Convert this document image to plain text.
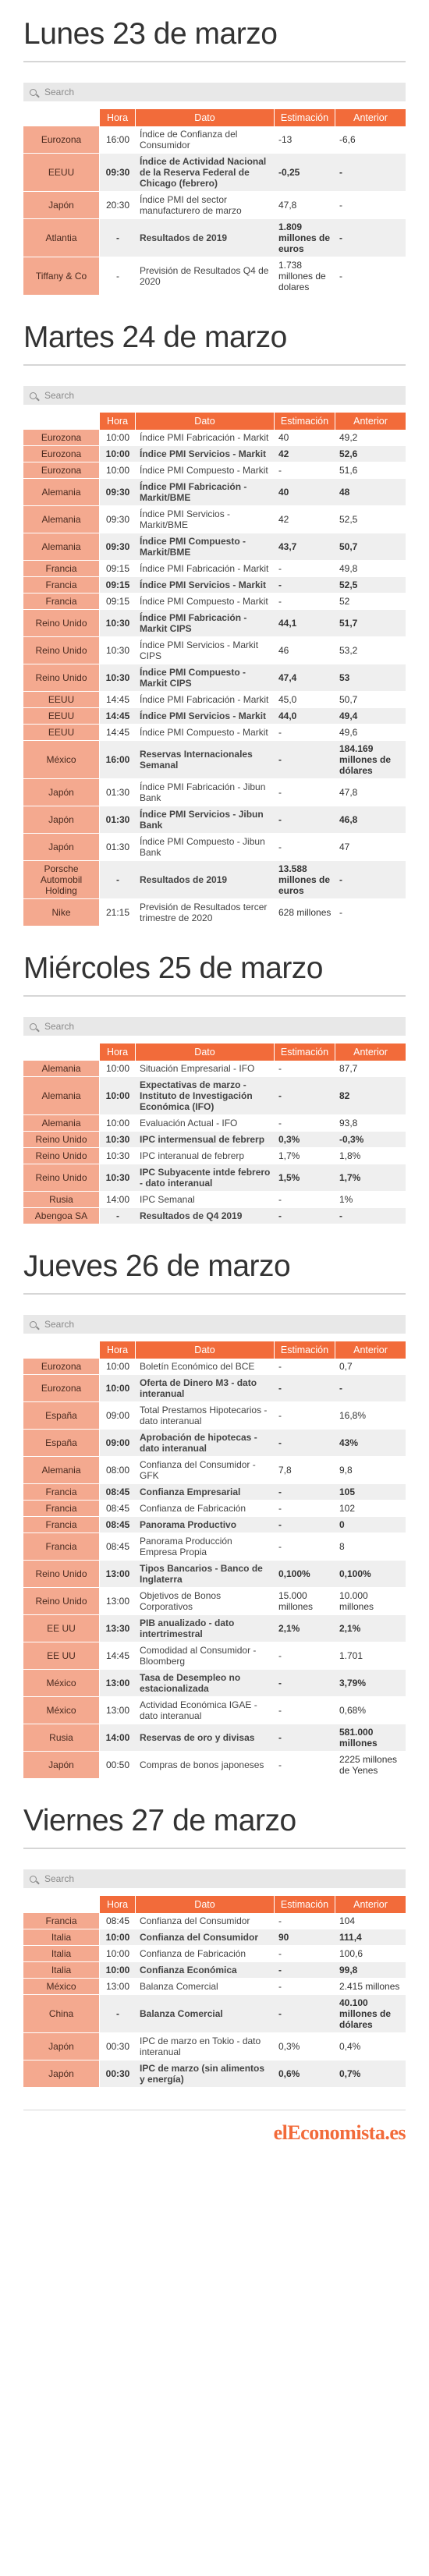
Lunes 23 de marzo
Search
	Hora	Dato	Estimación	Anterior
Eurozona	16:00	Índice de Confianza del Consumidor	-13	-6,6
EEUU	09:30	Índice de Actividad Nacional de la Reserva Federal de Chicago (febrero)	-0,25	-
Japón	20:30	Índice PMI del sector manufacturero de marzo	47,8	-
Atlantia	-	Resultados de 2019	1.809 millones de euros	-
Tiffany & Co	-	Previsión de Resultados Q4 de 2020	1.738 millones de dolares	-
Martes 24 de marzo
Search
	Hora	Dato	Estimación	Anterior
Eurozona	10:00	Índice PMI Fabricación - Markit	40	49,2
Eurozona	10:00	Índice PMI Servicios - Markit	42	52,6
Eurozona	10:00	Índice PMI Compuesto - Markit	-	51,6
Alemania	09:30	Índice PMI Fabricación - Markit/BME	40	48
Alemania	09:30	Índice PMI Servicios - Markit/BME	42	52,5
Alemania	09:30	Índice PMI Compuesto - Markit/BME	43,7	50,7
Francia	09:15	Índice PMI Fabricación - Markit	-	49,8
Francia	09:15	Índice PMI Servicios - Markit	-	52,5
Francia	09:15	Índice PMI Compuesto - Markit	-	52
Reino Unido	10:30	Índice PMI Fabricación - Markit CIPS	44,1	51,7
Reino Unido	10:30	Índice PMI Servicios - Markit CIPS	46	53,2
Reino Unido	10:30	Índice PMI Compuesto - Markit CIPS	47,4	53
EEUU	14:45	Índice PMI Fabricación - Markit	45,0	50,7
EEUU	14:45	Índice PMI Servicios - Markit	44,0	49,4
EEUU	14:45	Índice PMI Compuesto - Markit	-	49,6
México	16:00	Reservas Internacionales Semanal	-	184.169 millones de dólares
Japón	01:30	Índice PMI Fabricación - Jibun Bank	-	47,8
Japón	01:30	Índice PMI Servicios - Jibun Bank	-	46,8
Japón	01:30	Índice PMI Compuesto - Jibun Bank	-	47
Porsche Automobil Holding	-	Resultados de 2019	13.588 millones de euros	-
Nike	21:15	Previsión de Resultados tercer trimestre de 2020	628 millones	-
Miércoles 25 de marzo
Search
	Hora	Dato	Estimación	Anterior
Alemania	10:00	Situación Empresarial - IFO	-	87,7
Alemania	10:00	Expectativas de marzo - Instituto de Investigación Económica (IFO)	-	82
Alemania	10:00	Evaluación Actual - IFO	-	93,8
Reino Unido	10:30	IPC intermensual de febrerp	0,3%	-0,3%
Reino Unido	10:30	IPC interanual de febrerp	1,7%	1,8%
Reino Unido	10:30	IPC Subyacente intde febrero - dato interanual	1,5%	1,7%
Rusia	14:00	IPC Semanal	-	1%
Abengoa SA	-	Resultados de Q4 2019	-	-
Jueves 26 de marzo
Search
	Hora	Dato	Estimación	Anterior
Eurozona	10:00	Boletín Económico del BCE	-	0,7
Eurozona	10:00	Oferta de Dinero M3 - dato interanual	-	-
España	09:00	Total Prestamos Hipotecarios - dato interanual	-	16,8%
España	09:00	Aprobación de hipotecas - dato interanual	-	43%
Alemania	08:00	Confianza del Consumidor - GFK	7,8	9,8
Francia	08:45	Confianza Empresarial	-	105
Francia	08:45	Confianza de Fabricación	-	102
Francia	08:45	Panorama Productivo	-	0
Francia	08:45	Panorama Producción Empresa Propia	-	8
Reino Unido	13:00	Tipos Bancarios - Banco de Inglaterra	0,100%	0,100%
Reino Unido	13:00	Objetivos de Bonos Corporativos	15.000 millones	10.000 millones
EE UU	13:30	PIB anualizado - dato intertrimestral	2,1%	2,1%
EE UU	14:45	Comodidad al Consumidor - Bloomberg	-	1.701
México	13:00	Tasa de Desempleo no estacionalizada	-	3,79%
México	13:00	Actividad Económica IGAE - dato interanual	-	0,68%
Rusia	14:00	Reservas de oro y divisas	-	581.000 millones
Japón	00:50	Compras de bonos japoneses	-	2225 millones de Yenes
Viernes 27 de marzo
Search
	Hora	Dato	Estimación	Anterior
Francia	08:45	Confianza del Consumidor	-	104
Italia	10:00	Confianza del Consumidor	90	111,4
Italia	10:00	Confianza de Fabricación	-	100,6
Italia	10:00	Confianza Económica	-	99,8
México	13:00	Balanza Comercial	-	2.415 millones
China	-	Balanza Comercial	-	40.100 millones de dólares
Japón	00:30	IPC de marzo en Tokio - dato interanual	0,3%	0,4%
Japón	00:30	IPC de marzo (sin alimentos y energía)	0,6%	0,7%
elEconomista.es
